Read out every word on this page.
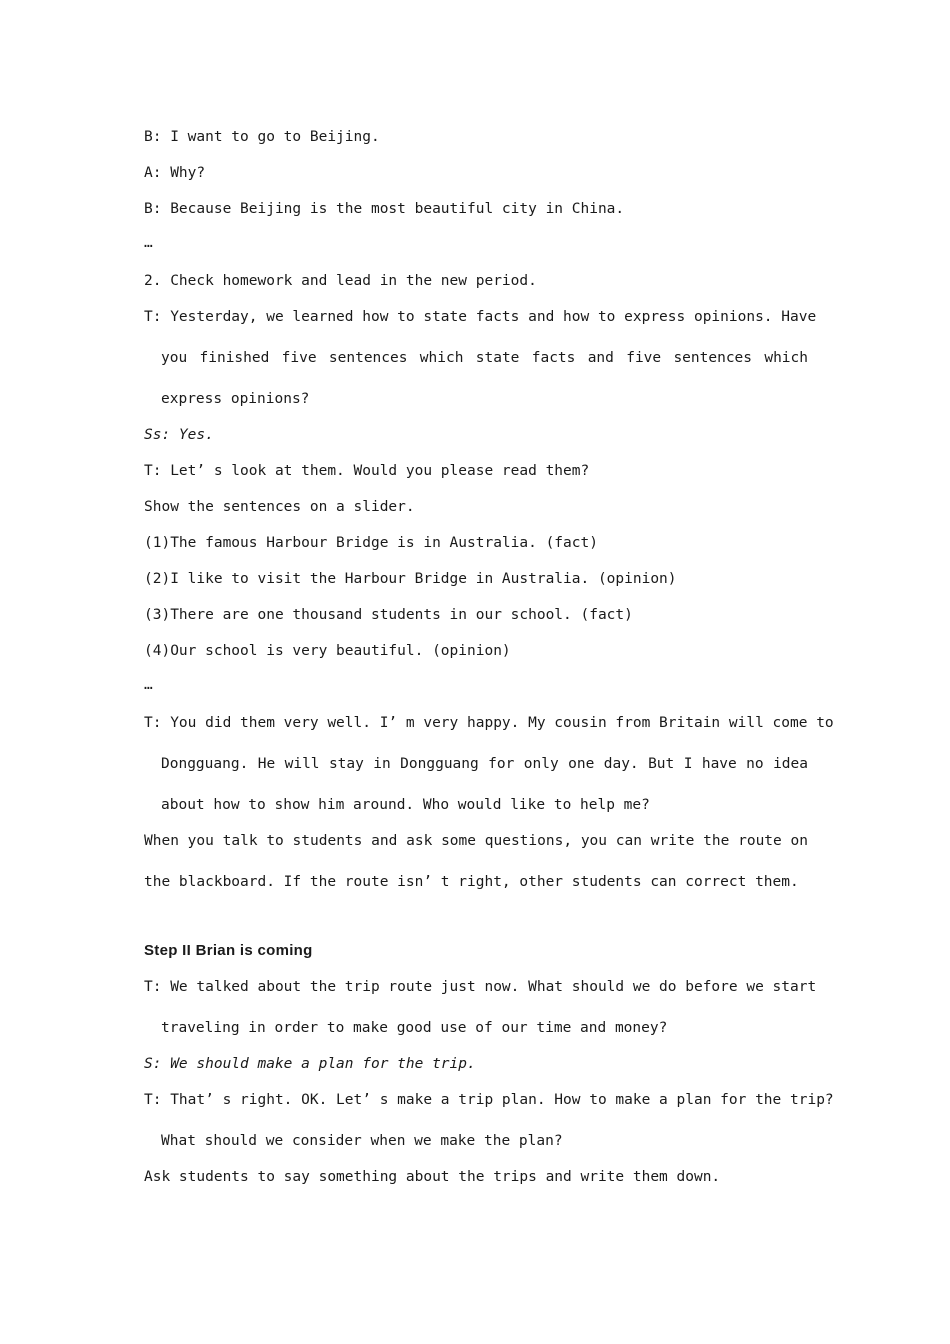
B: I want to go to Beijing.
A: Why?
B: Because Beijing is the most beautiful city in China.
…
2. Check homework and lead in the new period.
T: Yesterday, we learned how to state facts and how to express opinions. Have
you finished five sentences which state facts and five sentences which
express opinions?
Ss: Yes.
T: Let’ s look at them. Would you please read them?
Show the sentences on a slider.
(1)The famous Harbour Bridge is in Australia. (fact)
(2)I like to visit the Harbour Bridge in Australia. (opinion)
(3)There are one thousand students in our school. (fact)
(4)Our school is very beautiful. (opinion)
…
T: You did them very well. I’ m very happy. My cousin from Britain will come to
Dongguang. He will stay in Dongguang for only one day. But I have no idea
about how to show him around. Who would like to help me?
When you talk to students and ask some questions, you can write the route on
the blackboard. If the route isn’ t right, other students can correct them.
Step II Brian is coming
T: We talked about the trip route just now. What should we do before we start
traveling in order to make good use of our time and money?
S: We should make a plan for the trip.
T: That’ s right. OK. Let’ s make a trip plan. How to make a plan for the trip?
What should we consider when we make the plan?
Ask students to say something about the trips and write them down.
